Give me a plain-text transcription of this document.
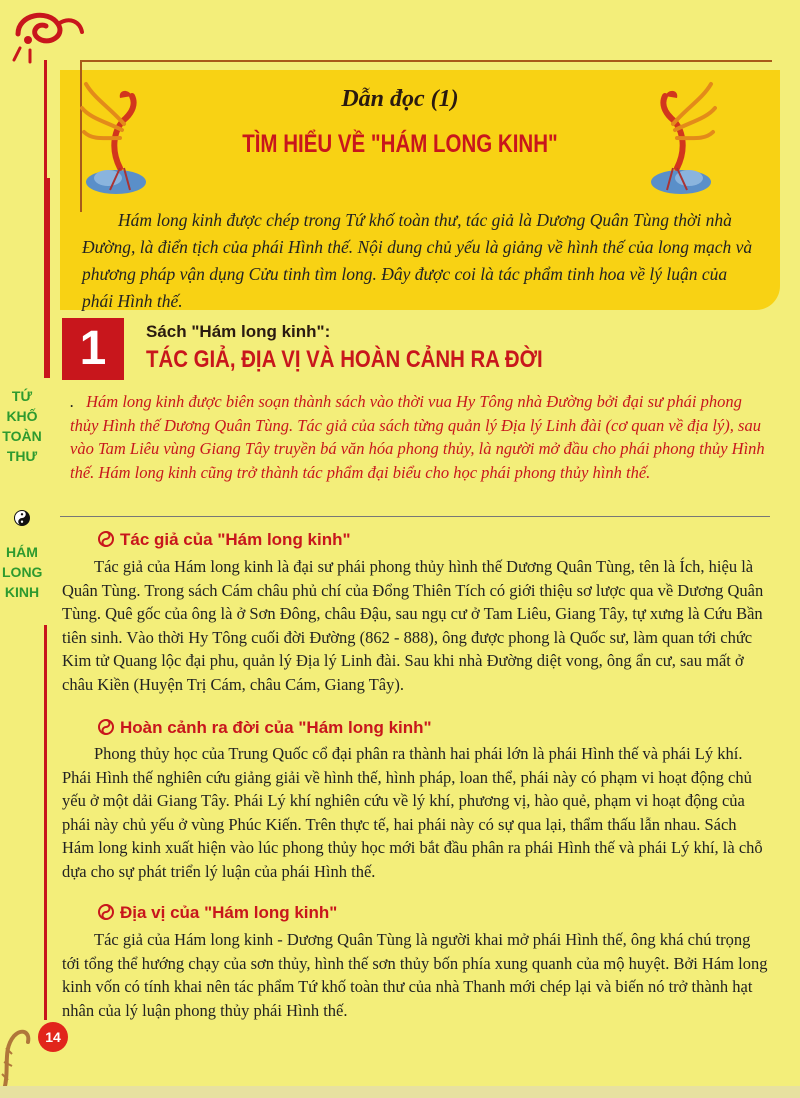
TỨ
KHỐ
TOÀN
THƯ
HÁM
LONG
KINH
Dẫn đọc (1)
TÌM HIỂU VỀ "HÁM LONG KINH"
Hám long kinh được chép trong Tứ khố toàn thư, tác giả là Dương Quân Tùng thời nhà Đường, là điển tịch của phái Hình thế. Nội dung chủ yếu là giảng về hình thế của long mạch và phương pháp vận dụng Cửu tinh tìm long. Đây được coi là tác phẩm tinh hoa về lý luận của phái Hình thế.
1	Sách "Hám long kinh":
TÁC GIẢ, ĐỊA VỊ VÀ HOÀN CẢNH RA ĐỜI
. Hám long kinh được biên soạn thành sách vào thời vua Hy Tông nhà Đường bởi đại sư phái phong thủy Hình thế Dương Quân Tùng. Tác giả của sách từng quản lý Địa lý Linh đài (cơ quan về địa lý), sau vào Tam Liêu vùng Giang Tây truyền bá văn hóa phong thủy, là người mở đầu cho phái phong thủy Hình thế. Hám long kinh cũng trở thành tác phẩm đại biểu cho học phái phong thủy hình thế.
Tác giả của "Hám long kinh"
Tác giả của Hám long kinh là đại sư phái phong thủy hình thế Dương Quân Tùng, tên là Ích, hiệu là Quân Tùng. Trong sách Cám châu phủ chí của Đổng Thiên Tích có giới thiệu sơ lược qua về Dương Quân Tùng. Quê gốc của ông là ở Sơn Đông, châu Đậu, sau ngụ cư ở Tam Liêu, Giang Tây, tự xưng là Cứu Bần tiên sinh. Vào thời Hy Tông cuối đời Đường (862 - 888), ông được phong là Quốc sư, làm quan tới chức Kim tử Quang lộc đại phu, quản lý Địa lý Linh đài. Sau khi nhà Đường diệt vong, ông ẩn cư, sau mất ở châu Kiền (Huyện Trị Cám, châu Cám, Giang Tây).
Hoàn cảnh ra đời của "Hám long kinh"
Phong thủy học của Trung Quốc cổ đại phân ra thành hai phái lớn là phái Hình thế và phái Lý khí. Phái Hình thế nghiên cứu giảng giải về hình thế, hình pháp, loan thể, phái này có phạm vi hoạt động chủ yếu ở một dải Giang Tây. Phái Lý khí nghiên cứu về lý khí, phương vị, hào quẻ, phạm vi hoạt động của phái này chủ yếu ở vùng Phúc Kiến. Trên thực tế, hai phái này có sự qua lại, thẩm thấu lẫn nhau. Sách Hám long kinh xuất hiện vào lúc phong thủy học mới bắt đầu phân ra phái Hình thế và phái Lý khí, là chỗ dựa cho sự phát triển lý luận của phái Hình thế.
Địa vị của "Hám long kinh"
Tác giả của Hám long kinh - Dương Quân Tùng là người khai mở phái Hình thế, ông khá chú trọng tới tổng thể hướng chạy của sơn thủy, hình thế sơn thủy bốn phía xung quanh của mộ huyệt. Bởi Hám long kinh vốn có tính khai nên tác phẩm Tứ khố toàn thư của nhà Thanh mới chép lại và biến nó trở thành hạt nhân của lý luận phong thủy phái Hình thế.
14
